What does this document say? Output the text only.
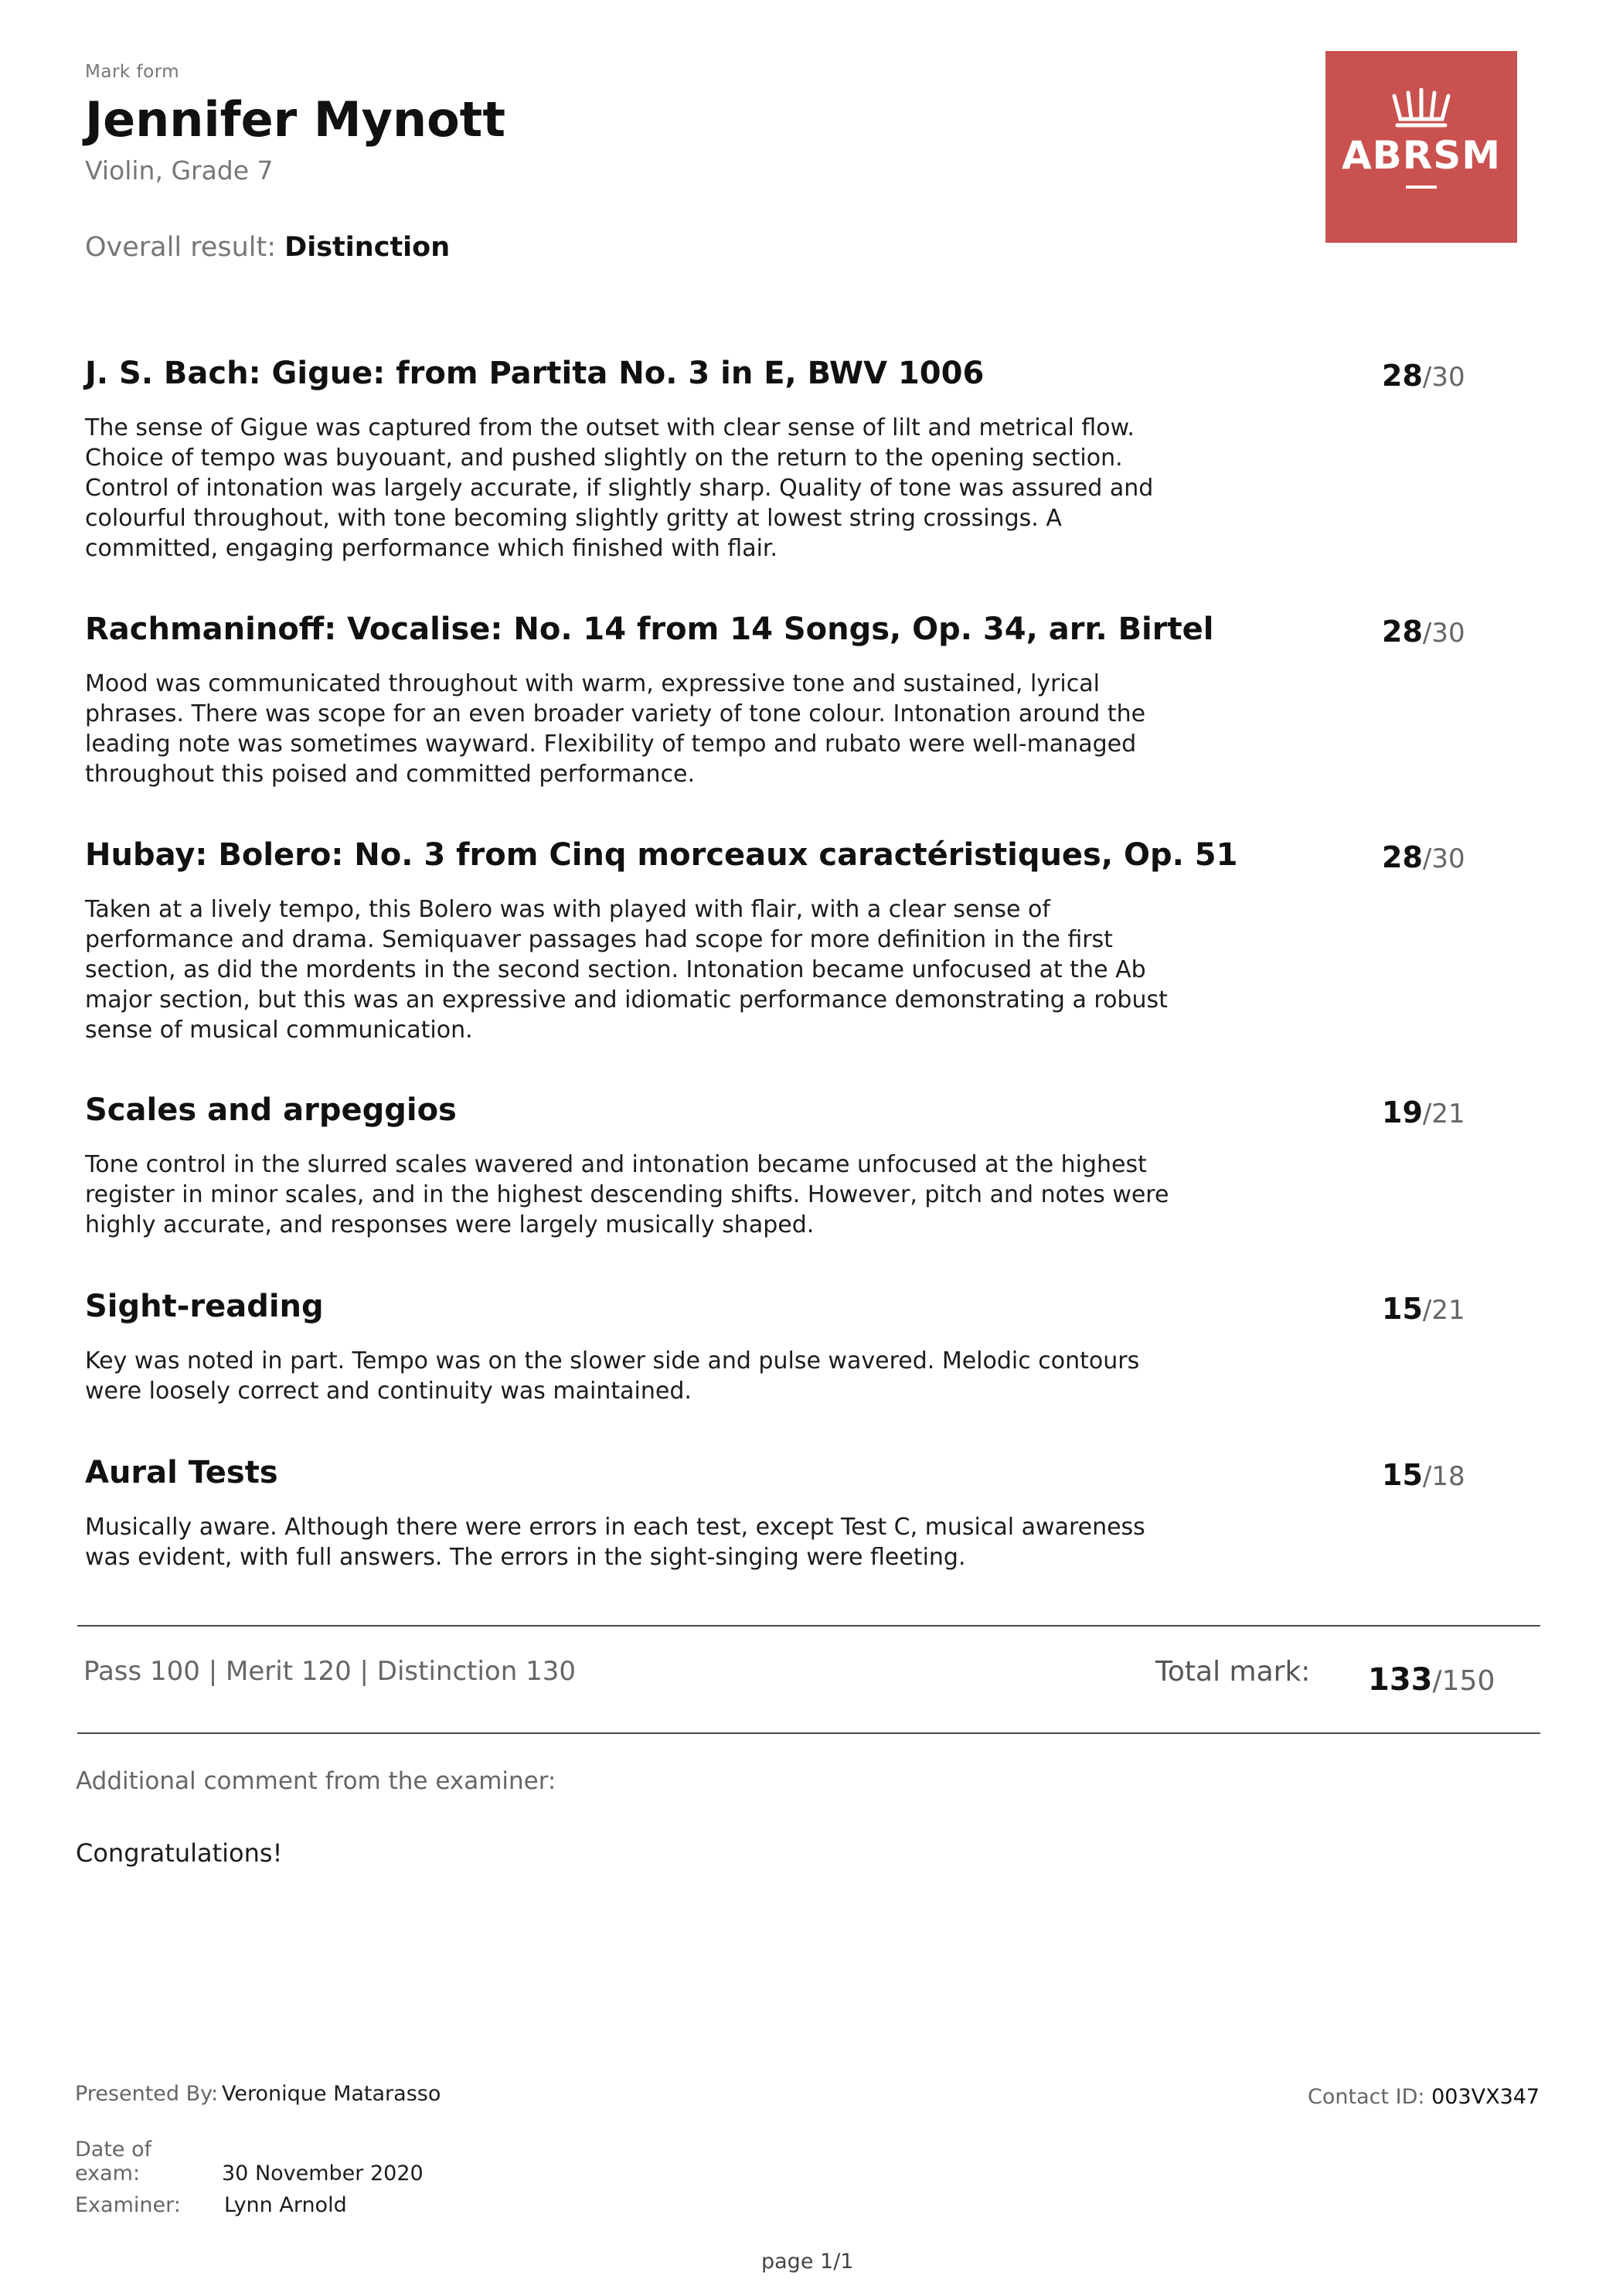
Mark form
Jennifer Mynott
Violin, Grade 7
Overall result: Distinction
ABRSM
J. S. Bach: Gigue: from Partita No. 3 in E, BWV 1006	28/30
The sense of Gigue was captured from the outset with clear sense of lilt and metrical flow. Choice of tempo was buyouant, and pushed slightly on the return to the opening section. Control of intonation was largely accurate, if slightly sharp. Quality of tone was assured and colourful throughout, with tone becoming slightly gritty at lowest string crossings. A committed, engaging performance which finished with flair.
Rachmaninoff: Vocalise: No. 14 from 14 Songs, Op. 34, arr. Birtel	28/30
Mood was communicated throughout with warm, expressive tone and sustained, lyrical phrases. There was scope for an even broader variety of tone colour. Intonation around the leading note was sometimes wayward. Flexibility of tempo and rubato were well-managed throughout this poised and committed performance.
Hubay: Bolero: No. 3 from Cinq morceaux caractéristiques, Op. 51	28/30
Taken at a lively tempo, this Bolero was with played with flair, with a clear sense of performance and drama. Semiquaver passages had scope for more definition in the first section, as did the mordents in the second section. Intonation became unfocused at the Ab major section, but this was an expressive and idiomatic performance demonstrating a robust sense of musical communication.
Scales and arpeggios	19/21
Tone control in the slurred scales wavered and intonation became unfocused at the highest register in minor scales, and in the highest descending shifts. However, pitch and notes were highly accurate, and responses were largely musically shaped.
Sight-reading	15/21
Key was noted in part. Tempo was on the slower side and pulse wavered. Melodic contours were loosely correct and continuity was maintained.
Aural Tests	15/18
Musically aware. Although there were errors in each test, except Test C, musical awareness was evident, with full answers. The errors in the sight-singing were fleeting.
Pass 100 | Merit 120 | Distinction 130	Total mark: 133/150
Additional comment from the examiner:
Congratulations!
Presented By: Veronique Matarasso
Date of exam:	30 November 2020
Examiner: Lynn Arnold
Contact ID: 003VX347
page 1/1
